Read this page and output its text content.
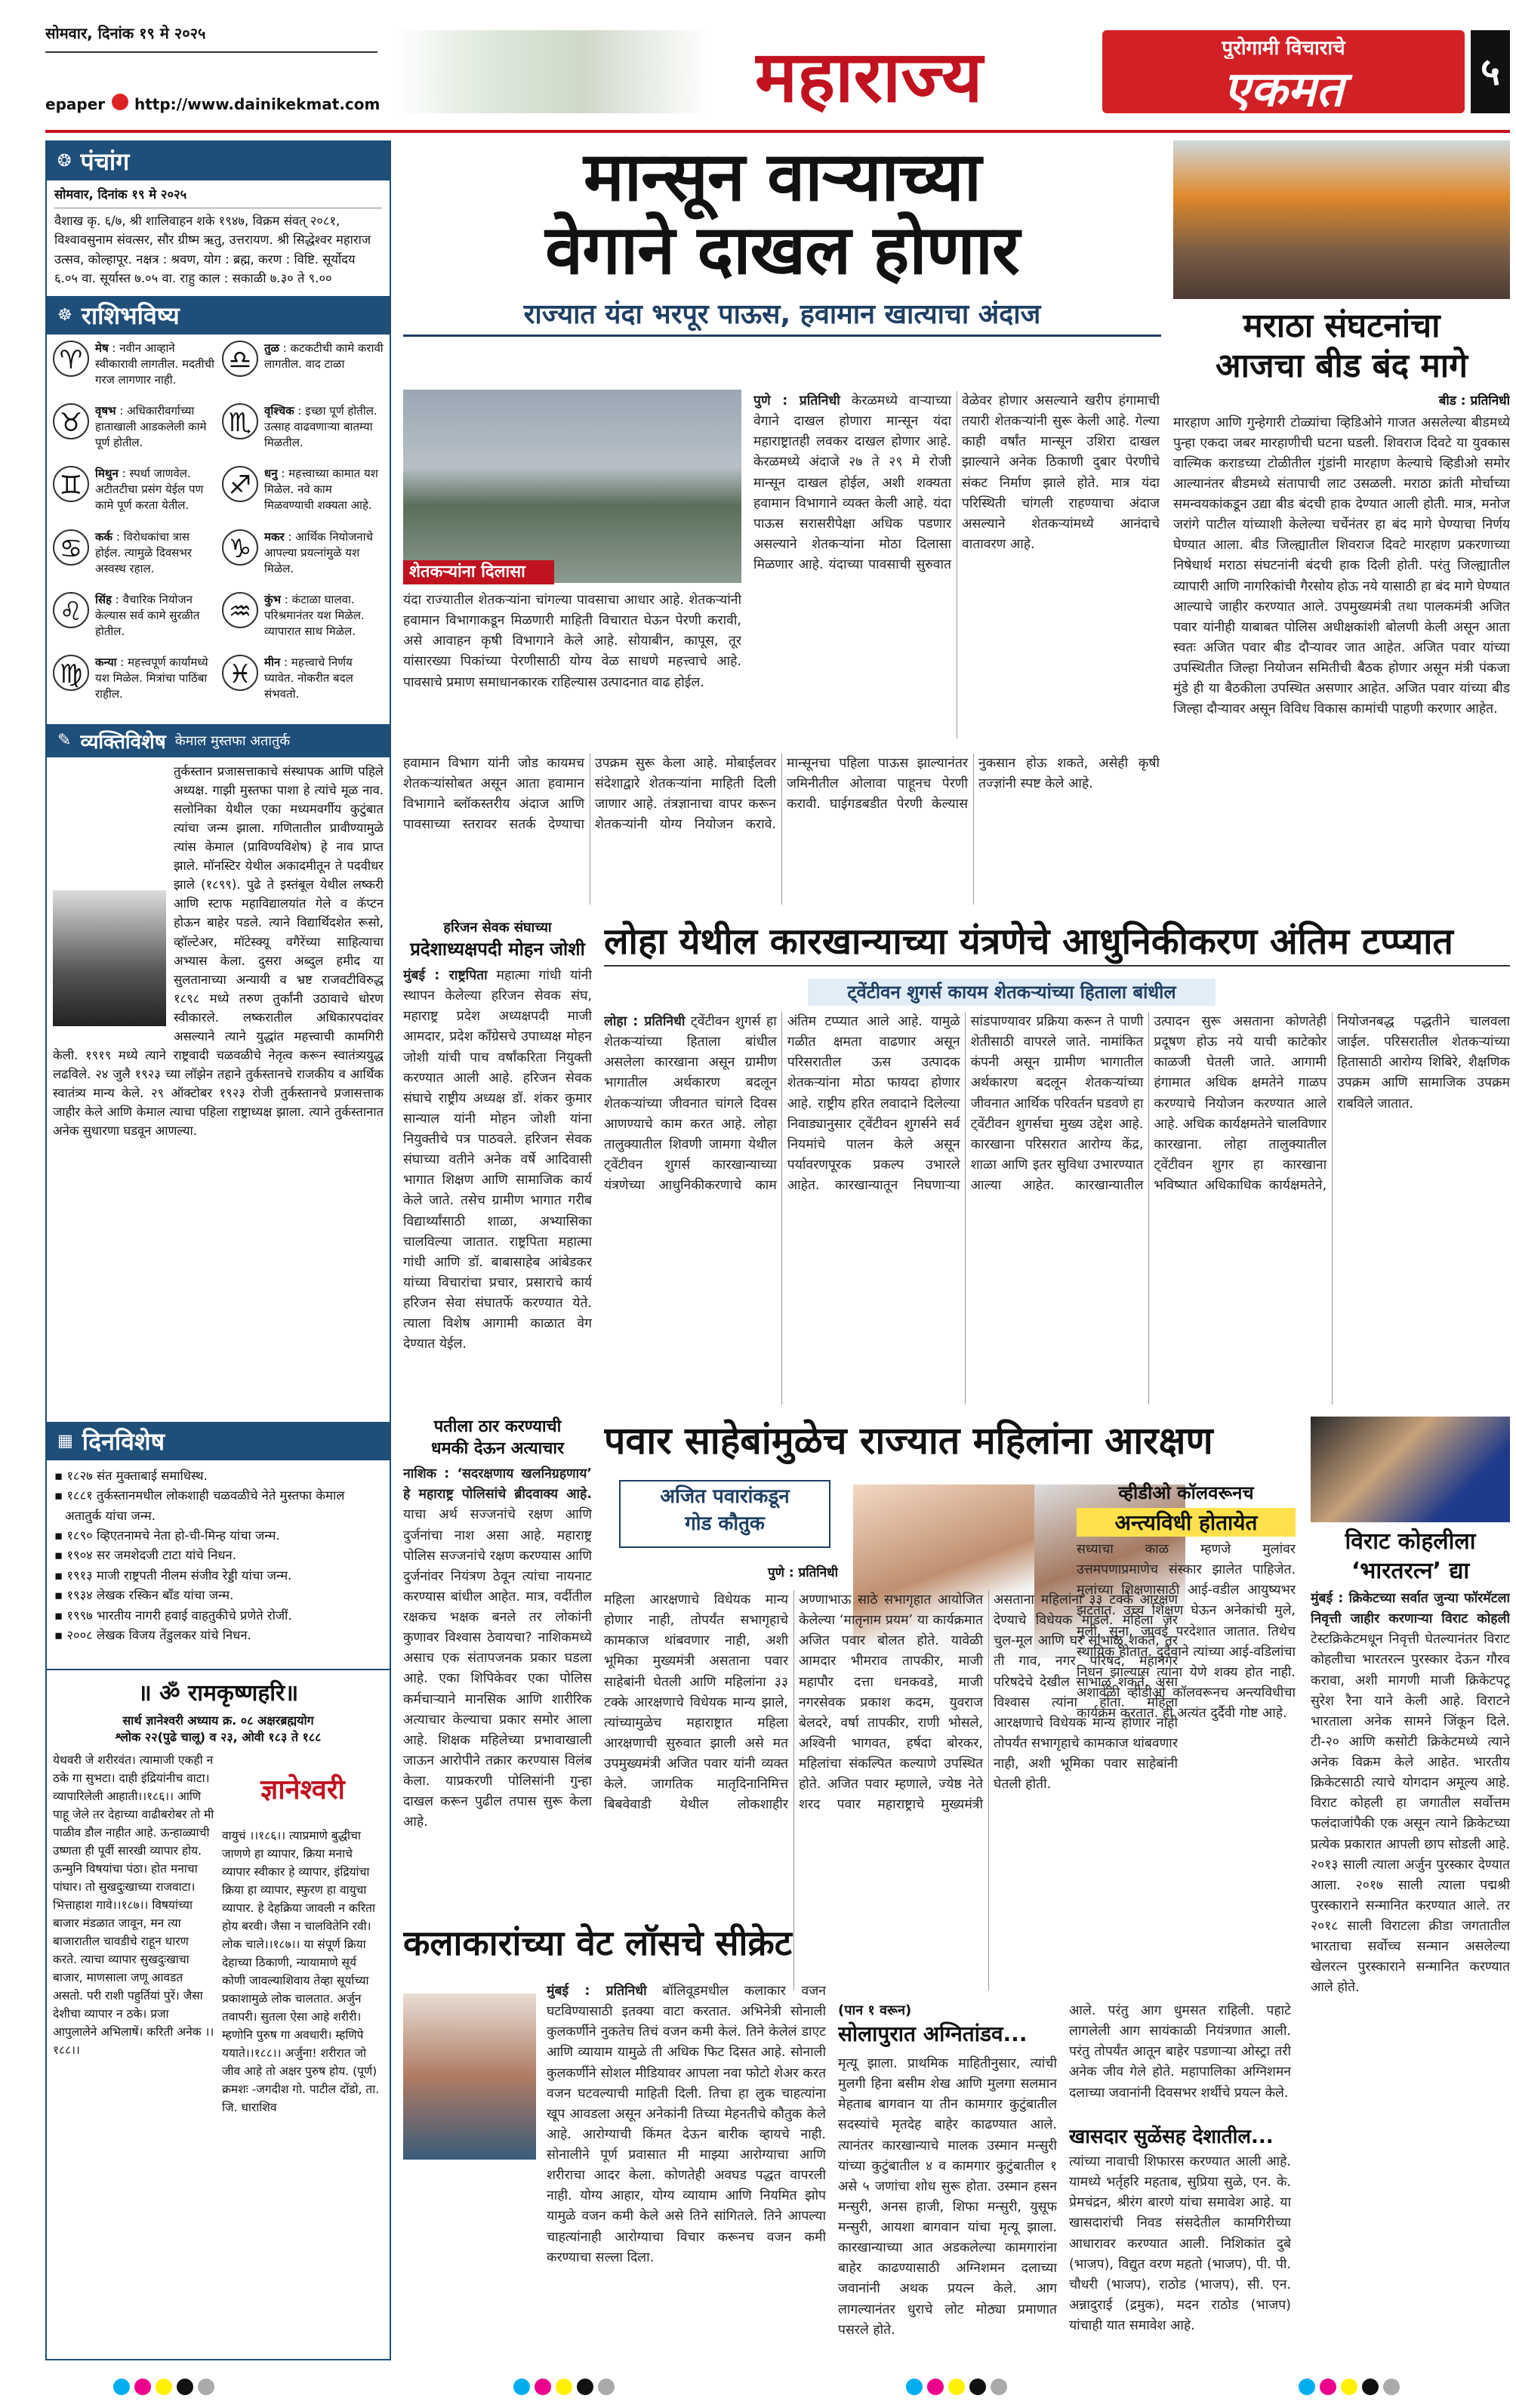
सोमवार, दिनांक १९ मे २०२५
epaper http://www.dainikekmat.com	महाराज्य	पुरोगामी विचाराचे
एकमत	५
❂ पंचांग
सोमवार, दिनांक १९ मे २०२५
वैशाख कृ. ६/७, श्री शालिवाहन शके १९४७, विक्रम संवत् २०८१, विश्वावसुनाम संवत्सर, सौर ग्रीष्म ऋतु, उत्तरायण. श्री सिद्धेश्वर महाराज उत्सव, कोल्हापूर. नक्षत्र : श्रवण, योग : ब्रह्म, करण : विष्टि. सूर्योदय ६.०५ वा. सूर्यास्त ७.०५ वा. राहु काल : सकाळी ७.३० ते ९.००
☸ राशिभविष्य
♈	मेष : नवीन आव्हाने स्वीकारावी लागतील. मदतीची गरज लागणार नाही.
♎	तुळ : कटकटीची कामे करावी लागतील. वाद टाळा
♉	वृषभ : अधिकारीवर्गाच्या हाताखाली आडकलेली कामे पूर्ण होतील.
♏	वृश्चिक : इच्छा पूर्ण होतील. उत्साह वाढवणाऱ्या बातम्या मिळतील.
♊	मिथुन : स्पर्धा जाणवेल. अटीतटीचा प्रसंग येईल पण कामे पूर्ण करता येतील.
♐	धनु : महत्त्वाच्या कामात यश मिळेल. नवे काम मिळवण्याची शक्यता आहे.
♋	कर्क : विरोधकांचा त्रास होईल. त्यामुळे दिवसभर अस्वस्थ रहाल.
♑	मकर : आर्थिक नियोजनाचे आपल्या प्रयत्नांमुळे यश मिळेल.
♌	सिंह : वैचारिक नियोजन केल्यास सर्व कामे सुरळीत होतील.
♒	कुंभ : कंटाळा घालवा. परिश्रमानंतर यश मिळेल. व्यापारात साथ मिळेल.
♍	कन्या : महत्त्वपूर्ण कार्यांमध्ये यश मिळेल. मित्रांचा पाठिंबा राहील.
♓	मीन : महत्त्वाचे निर्णय घ्यावेत. नोकरीत बदल संभवतो.
✎ व्यक्तिविशेष केमाल मुस्तफा अतातुर्क
तुर्कस्तान प्रजासत्ताकाचे संस्थापक आणि पहिले अध्यक्ष. गाझी मुस्तफा पाशा हे त्यांचे मूळ नाव. सलोनिका येथील एका मध्यमवर्गीय कुटुंबात त्यांचा जन्म झाला. गणितातील प्रावीण्यामुळे त्यांस केमाल (प्राविण्यविशेष) हे नाव प्राप्त झाले. मॉनस्टिर येथील अकादमीतून ते पदवीधर झाले (१८९९). पुढे ते इस्तंबूल येथील लष्करी आणि स्टाफ महाविद्यालयांत गेले व कॅप्टन होऊन बाहेर पडले. त्याने विद्यार्थिदशेत रूसो, व्हॉल्टेअर, मॉटेस्क्यू वगैरेंच्या साहित्याचा अभ्यास केला. दुसरा अब्दुल हमीद या सुलतानाच्या अन्यायी व भ्रष्ट राजवटीविरुद्ध १८९८ मध्ये तरुण तुर्कांनी उठावाचे धोरण स्वीकारले. लष्करातील अधिकारपदांवर असल्याने त्याने युद्धांत महत्त्वाची कामगिरी केली. १९१९ मध्ये त्याने राष्ट्रवादी चळवळीचे नेतृत्व करून स्वातंत्र्ययुद्ध लढविले. २४ जुलै १९२३ च्या लॉझेन तहाने तुर्कस्तानचे राजकीय व आर्थिक स्वातंत्र्य मान्य केले. २९ ऑक्टोबर १९२३ रोजी तुर्कस्तानचे प्रजासत्ताक जाहीर केले आणि केमाल त्याचा पहिला राष्ट्राध्यक्ष झाला. त्याने तुर्कस्तानात अनेक सुधारणा घडवून आणल्या.
▦ दिनविशेष
▪ १८२७ संत मुक्ताबाई समाधिस्थ.
▪ १८८१ तुर्कस्तानमधील लोकशाही चळवळीचे नेते मुस्तफा केमाल अतातुर्क यांचा जन्म.
▪ १८९० व्हिएतनामचे नेता हो-ची-मिन्ह यांचा जन्म.
▪ १९०४ सर जमशेदजी टाटा यांचे निधन.
▪ १९१३ माजी राष्ट्रपती नीलम संजीव रेड्डी यांचा जन्म.
▪ १९३४ लेखक रस्किन बॉंड यांचा जन्म.
▪ १९९७ भारतीय नागरी हवाई वाहतुकीचे प्रणेते रोजीं.
▪ २००८ लेखक विजय तेंडुलकर यांचे निधन.
॥ ॐ रामकृष्णहरि॥
सार्थ ज्ञानेश्वरी अध्याय क्र. ०८ अक्षरब्रह्मयोग
श्लोक २२(पुढे चालू) व २३, ओवी १८३ ते १८८
येथवरी जे शरीरवंत। त्यामाजी एकही न ठके गा सुभटा। दाही इंद्रियांनीच वाटा। व्यापारिलेली आहाती।।१८६।। आणि पाहू जेले तर देहाच्या वाढीबरोबर तो मी पाळीव डौल नाहीत आहे. ऊन्हाळ्याची उष्णता ही पूर्वी सारखी व्यापार होय. ऊन्मुनि विषयांचा पंठा। होत मनाचा पांघार। तो सुखदुःखाच्या राजवाटा। भित्ताहाश गावे।।१८७।। विषयांच्या बाजार मंडळात जावून, मन त्या बाजारातील चावडीचे राहून धारण करते. त्याचा व्यापार सुखदुःखाचा बाजार, माणसाला जणू आवडत असतो. परी राशी पहुर्तियां पुरें। जैसा देशीचा व्यापार न ठके। प्रजा आपुलालेने अभिलाषें। करिती अनेक ।।१८८।।
ज्ञानेश्वरी
वायुचं ।।१८६।। त्याप्रमाणे बुद्धीचा जाणणे हा व्यापार, क्रिया मनाचे व्यापार स्वीकार हे व्यापार, इंद्रियांचा क्रिया हा व्यापार, स्फुरण हा वायुचा व्यापार. हे देहक्रिया जावली न करिता होय बरवी। जैसा न चालवितेनि रवी। लोक चाले।।१८७।। या संपूर्ण क्रिया देहाच्या ठिकाणी, न्यायामाणे सूर्य कोणी जावल्याशिवाय तेव्हा सूर्याच्या प्रकाशामुळे लोक चालतात. अर्जुन तवापरी। सुतला ऐसा आहे शरीरी। म्हणोनि पुरुष गा अवधारी। म्हणिपे ययाते।।१८८।। अर्जुना! शरीरात जो जीव आहे तो अक्षर पुरुष होय. (पूर्ण) क्रमशः -जगदीश गो. पाटील दोंडो, ता. जि. धाराशिव
मान्सून वाऱ्याच्या
वेगाने दाखल होणार
राज्यात यंदा भरपूर पाऊस, हवामान खात्याचा अंदाज
शेतकऱ्यांना दिलासा
यंदा राज्यातील शेतकऱ्यांना चांगल्या पावसाचा आधार आहे. शेतकऱ्यांनी हवामान विभागाकडून मिळणारी माहिती विचारात घेऊन पेरणी करावी, असे आवाहन कृषी विभागाने केले आहे. सोयाबीन, कापूस, तूर यांसारख्या पिकांच्या पेरणीसाठी योग्य वेळ साधणे महत्त्वाचे आहे. पावसाचे प्रमाण समाधानकारक राहिल्यास उत्पादनात वाढ होईल.
पुणे : प्रतिनिधी केरळमध्ये वाऱ्याच्या वेगाने दाखल होणारा मान्सून यंदा महाराष्ट्रातही लवकर दाखल होणार आहे. केरळमध्ये अंदाजे २७ ते २९ मे रोजी मान्सून दाखल होईल, अशी शक्यता हवामान विभागाने व्यक्त केली आहे. यंदा पाऊस सरासरीपेक्षा अधिक पडणार असल्याने शेतकऱ्यांना मोठा दिलासा मिळणार आहे. यंदाच्या पावसाची सुरुवात वेळेवर होणार असल्याने खरीप हंगामाची तयारी शेतकऱ्यांनी सुरू केली आहे. गेल्या काही वर्षांत मान्सून उशिरा दाखल झाल्याने अनेक ठिकाणी दुबार पेरणीचे संकट निर्माण झाले होते. मात्र यंदा परिस्थिती चांगली राहण्याचा अंदाज असल्याने शेतकऱ्यांमध्ये आनंदाचे वातावरण आहे.
हवामान विभाग यांनी जोड कायमच शेतकऱ्यांसोबत असून आता हवामान विभागाने ब्लॉकस्तरीय अंदाज आणि पावसाच्या स्तरावर सतर्क देण्याचा उपक्रम सुरू केला आहे. मोबाईलवर संदेशाद्वारे शेतकऱ्यांना माहिती दिली जाणार आहे. तंत्रज्ञानाचा वापर करून शेतकऱ्यांनी योग्य नियोजन करावे. मान्सूनचा पहिला पाऊस झाल्यानंतर जमिनीतील ओलावा पाहूनच पेरणी करावी. घाईगडबडीत पेरणी केल्यास नुकसान होऊ शकते, असेही कृषी तज्ज्ञांनी स्पष्ट केले आहे.
मराठा संघटनांचा
आजचा बीड बंद मागे
बीड : प्रतिनिधी
मारहाण आणि गुन्हेगारी टोळ्यांचा व्हिडिओने गाजत असलेल्या बीडमध्ये पुन्हा एकदा जबर मारहाणीची घटना घडली. शिवराज दिवटे या युवकास वाल्मिक कराडच्या टोळीतील गुंडांनी मारहाण केल्याचे व्हिडीओ समोर आल्यानंतर बीडमध्ये संतापाची लाट उसळली. मराठा क्रांती मोर्चाच्या समन्वयकांकडून उद्या बीड बंदची हाक देण्यात आली होती. मात्र, मनोज जरांगे पाटील यांच्याशी केलेल्या चर्चेनंतर हा बंद मागे घेण्याचा निर्णय घेण्यात आला. बीड जिल्ह्यातील शिवराज दिवटे मारहाण प्रकरणाच्या निषेधार्थ मराठा संघटनांनी बंदची हाक दिली होती. परंतु जिल्ह्यातील व्यापारी आणि नागरिकांची गैरसोय होऊ नये यासाठी हा बंद मागे घेण्यात आल्याचे जाहीर करण्यात आले. उपमुख्यमंत्री तथा पालकमंत्री अजित पवार यांनीही याबाबत पोलिस अधीक्षकांशी बोलणी केली असून आता स्वतः अजित पवार बीड दौऱ्यावर जात आहेत. अजित पवार यांच्या उपस्थितीत जिल्हा नियोजन समितीची बैठक होणार असून मंत्री पंकजा मुंडे ही या बैठकीला उपस्थित असणार आहेत. अजित पवार यांच्या बीड जिल्हा दौऱ्यावर असून विविध विकास कामांची पाहणी करणार आहेत.
हरिजन सेवक संघाच्या
प्रदेशाध्यक्षपदी मोहन जोशी
मुंबई : राष्ट्रपिता महात्मा गांधी यांनी स्थापन केलेल्या हरिजन सेवक संघ, महाराष्ट्र प्रदेश अध्यक्षपदी माजी आमदार, प्रदेश काँग्रेसचे उपाध्यक्ष मोहन जोशी यांची पाच वर्षांकरिता नियुक्ती करण्यात आली आहे. हरिजन सेवक संघाचे राष्ट्रीय अध्यक्ष डॉ. शंकर कुमार सान्याल यांनी मोहन जोशी यांना नियुक्तीचे पत्र पाठवले. हरिजन सेवक संघाच्या वतीने अनेक वर्षे आदिवासी भागात शिक्षण आणि सामाजिक कार्य केले जाते. तसेच ग्रामीण भागात गरीब विद्यार्थ्यांसाठी शाळा, अभ्यासिका चालविल्या जातात. राष्ट्रपिता महात्मा गांधी आणि डॉ. बाबासाहेब आंबेडकर यांच्या विचारांचा प्रचार, प्रसाराचे कार्य हरिजन सेवा संघातर्फे करण्यात येते. त्याला विशेष आगामी काळात वेग देण्यात येईल.
लोहा येथील कारखान्याच्या यंत्रणेचे आधुनिकीकरण अंतिम टप्प्यात
ट्वेंटीवन शुगर्स कायम शेतकऱ्यांच्या हिताला बांधील
लोहा : प्रतिनिधी ट्वेंटीवन शुगर्स हा शेतकऱ्यांच्या हिताला बांधील असलेला कारखाना असून ग्रामीण भागातील अर्थकारण बदलून शेतकऱ्यांच्या जीवनात चांगले दिवस आणण्याचे काम करत आहे. लोहा तालुक्यातील शिवणी जामगा येथील ट्वेंटीवन शुगर्स कारखान्याच्या यंत्रणेच्या आधुनिकीकरणाचे काम अंतिम टप्प्यात आले आहे. यामुळे गळीत क्षमता वाढणार असून परिसरातील ऊस उत्पादक शेतकऱ्यांना मोठा फायदा होणार आहे. राष्ट्रीय हरित लवादाने दिलेल्या निवाड्यानुसार ट्वेंटीवन शुगर्सने सर्व नियमांचे पालन केले असून पर्यावरणपूरक प्रकल्प उभारले आहेत. कारखान्यातून निघणाऱ्या सांडपाण्यावर प्रक्रिया करून ते पाणी शेतीसाठी वापरले जाते. नामांकित कंपनी असून ग्रामीण भागातील अर्थकारण बदलून शेतकऱ्यांच्या जीवनात आर्थिक परिवर्तन घडवणे हा ट्वेंटीवन शुगर्सचा मुख्य उद्देश आहे. कारखाना परिसरात आरोग्य केंद्र, शाळा आणि इतर सुविधा उभारण्यात आल्या आहेत. कारखान्यातील उत्पादन सुरू असताना कोणतेही प्रदूषण होऊ नये याची काटेकोर काळजी घेतली जाते. आगामी हंगामात अधिक क्षमतेने गाळप करण्याचे नियोजन करण्यात आले आहे. अधिक कार्यक्षमतेने चालविणार कारखाना. लोहा तालुक्यातील ट्वेंटीवन शुगर हा कारखाना भविष्यात अधिकाधिक कार्यक्षमतेने, नियोजनबद्ध पद्धतीने चालवला जाईल. परिसरातील शेतकऱ्यांच्या हितासाठी आरोग्य शिबिरे, शैक्षणिक उपक्रम आणि सामाजिक उपक्रम राबविले जातात.
पतीला ठार करण्याची
धमकी देऊन अत्याचार
नाशिक : ‘सदरक्षणाय खलनिग्रहणाय’ हे महाराष्ट्र पोलिसांचे ब्रीदवाक्य आहे. याचा अर्थ सज्जनांचे रक्षण आणि दुर्जनांचा नाश असा आहे. महाराष्ट्र पोलिस सज्जनांचे रक्षण करण्यास आणि दुर्जनांवर नियंत्रण ठेवून त्यांचा नायनाट करण्यास बांधील आहेत. मात्र, वर्दीतील रक्षकच भक्षक बनले तर लोकांनी कुणावर विश्वास ठेवायचा? नाशिकमध्ये असाच एक संतापजनक प्रकार घडला आहे. एका शिपिकेवर एका पोलिस कर्मचाऱ्याने मानसिक आणि शारीरिक अत्याचार केल्याचा प्रकार समोर आला आहे. शिक्षक महिलेच्या प्रभावाखाली जाऊन आरोपीने तक्रार करण्यास विलंब केला. याप्रकरणी पोलिसांनी गुन्हा दाखल करून पुढील तपास सुरू केला आहे.
पवार साहेबांमुळेच राज्यात महिलांना आरक्षण
अजित पवारांकडून
गोड कौतुक
पुणे : प्रतिनिधी
महिला आरक्षणाचे विधेयक मान्य होणार नाही, तोपर्यंत सभागृहाचे कामकाज थांबवणार नाही, अशी भूमिका मुख्यमंत्री असताना पवार साहेबांनी घेतली आणि महिलांना ३३ टक्के आरक्षणाचे विधेयक मान्य झाले, त्यांच्यामुळेच महाराष्ट्रात महिला आरक्षणाची सुरुवात झाली असे मत उपमुख्यमंत्री अजित पवार यांनी व्यक्त केले. जागतिक मातृदिनानिमित्त बिबवेवाडी येथील लोकशाहीर अण्णाभाऊ साठे सभागृहात आयोजित केलेल्या ‘मातृनाम प्रयम’ या कार्यक्रमात अजित पवार बोलत होते. यावेळी आमदार भीमराव तापकीर, माजी महापौर दत्ता धनकवडे, माजी नगरसेवक प्रकाश कदम, युवराज बेलदरे, वर्षा तापकीर, राणी भोसले, अश्विनी भागवत, हर्षदा बोरकर, महिलांचा संकल्पित कल्याणे उपस्थित होते. अजित पवार म्हणाले, ज्येष्ठ नेते शरद पवार महाराष्ट्राचे मुख्यमंत्री असताना महिलांना ३३ टक्के आरक्षण देण्याचे विधेयक मांडले. महिला जर चुल-मूल आणि घर सांभाळू शकते, तर ती गाव, नगर परिषद, महानगर परिषदेचे देखील सांभाळू शकते, असा विश्वास त्यांना होता. महिला आरक्षणाचे विधेयक मान्य होणार नाही तोपर्यंत सभागृहाचे कामकाज थांबवणार नाही, अशी भूमिका पवार साहेबांनी घेतली होती.
व्हीडीओ कॉलवरूनच
अन्त्यविधी होतायेत
सध्याचा काळ म्हणजे मुलांवर उत्तमपणाप्रमाणेच संस्कार झालेत पाहिजेत. मुलांच्या शिक्षणासाठी आई-वडील आयुष्यभर झटतात. उच्च शिक्षण घेऊन अनेकांची मुले, मुली, सुना, जावई परदेशात जातात. तिथेच स्थायिक होतात. दुर्दैवाने त्यांच्या आई-वडिलांचा निधन झाल्यास त्यांना येणे शक्य होत नाही. अशावेळी व्हीडीओ कॉलवरूनच अन्त्यविधीचा कार्यक्रम करतात. ही अत्यंत दुर्दैवी गोष्ट आहे.
विराट कोहलीला
‘भारतरत्न’ द्या
मुंबई : क्रिकेटच्या सर्वात जुन्या फॉरमॅटला निवृत्ती जाहीर करणाऱ्या विराट कोहली टेस्टक्रिकेटमधून निवृत्ती घेतल्यानंतर विराट कोहलीचा भारतरत्न पुरस्कार देऊन गौरव करावा, अशी मागणी माजी क्रिकेटपटू सुरेश रैना याने केली आहे. विराटने भारताला अनेक सामने जिंकून दिले. टी-२० आणि कसोटी क्रिकेटमध्ये त्याने अनेक विक्रम केले आहेत. भारतीय क्रिकेटसाठी त्याचे योगदान अमूल्य आहे. विराट कोहली हा जगातील सर्वोत्तम फलंदाजांपैकी एक असून त्याने क्रिकेटच्या प्रत्येक प्रकारात आपली छाप सोडली आहे. २०१३ साली त्याला अर्जुन पुरस्कार देण्यात आला. २०१७ साली त्याला पद्मश्री पुरस्काराने सन्मानित करण्यात आले. तर २०१८ साली विराटला क्रीडा जगतातील भारताचा सर्वोच्च सन्मान असलेल्या खेलरत्न पुरस्काराने सन्मानित करण्यात आले होते.
कलाकारांच्या वेट लॉसचे सीक्रेट
मुंबई : प्रतिनिधी बॉलिवूडमधील कलाकार वजन घटविण्यासाठी इतक्या वाटा करतात. अभिनेत्री सोनाली कुलकर्णीने नुकतेच तिचं वजन कमी केलं. तिने केलेलं डाएट आणि व्यायाम यामुळे ती अधिक फिट दिसत आहे. सोनाली कुलकर्णीने सोशल मीडियावर आपला नवा फोटो शेअर करत वजन घटवल्याची माहिती दिली. तिचा हा लुक चाहत्यांना खूप आवडला असून अनेकांनी तिच्या मेहनतीचे कौतुक केले आहे. आरोग्याची किंमत देऊन बारीक व्हायचे नाही. सोनालीने पूर्ण प्रवासात मी माझ्या आरोग्याचा आणि शरीराचा आदर केला. कोणतेही अवघड पद्धत वापरली नाही. योग्य आहार, योग्य व्यायाम आणि नियमित झोप यामुळे वजन कमी केले असे तिने सांगितले. तिने आपल्या चाहत्यांनाही आरोग्याचा विचार करूनच वजन कमी करण्याचा सल्ला दिला.
(पान १ वरून)
सोलापुरात अग्नितांडव...
मृत्यू झाला. प्राथमिक माहितीनुसार, त्यांची मुलगी हिना बसीम शेख आणि मुलगा सलमान मेहताब बागवान या तीन कामगार कुटुंबातील सदस्यांचे मृतदेह बाहेर काढण्यात आले. त्यानंतर कारखान्याचे मालक उस्मान मन्सुरी यांच्या कुटुंबातील ४ व कामगार कुटुंबातील १ असे ५ जणांचा शोध सुरू होता. उस्मान हसन मन्सुरी, अनस हाजी, शिफा मन्सुरी, युसूफ मन्सुरी, आयशा बागवान यांचा मृत्यू झाला. कारखान्याच्या आत अडकलेल्या कामगारांना बाहेर काढण्यासाठी अग्निशमन दलाच्या जवानांनी अथक प्रयत्न केले. आग लागल्यानंतर धुराचे लोट मोठ्या प्रमाणात पसरले होते.
आले. परंतु आग धुमसत राहिली. पहाटे लागलेली आग सायंकाळी नियंत्रणात आली. परंतु तोपर्यंत आतून बाहेर पडणाऱ्या ओस्ट्रा तरी अनेक जीव गेले होते. महापालिका अग्निशमन दलाच्या जवानांनी दिवसभर शर्थीचे प्रयत्न केले.
खासदार सुळेंसह देशातील...
त्यांच्या नावाची शिफारस करण्यात आली आहे. यामध्ये भर्तृहरि महताब, सुप्रिया सुळे, एन. के. प्रेमचंद्रन, श्रीरंग बारणे यांचा समावेश आहे. या खासदारांची निवड संसदेतील कामगिरीच्या आधारावर करण्यात आली. निशिकांत दुबे (भाजप), विद्युत वरण महतो (भाजप), पी. पी. चौधरी (भाजप), राठोड (भाजप), सी. एन. अन्नादुराई (द्रमुक), मदन राठोड (भाजप) यांचाही यात समावेश आहे.
